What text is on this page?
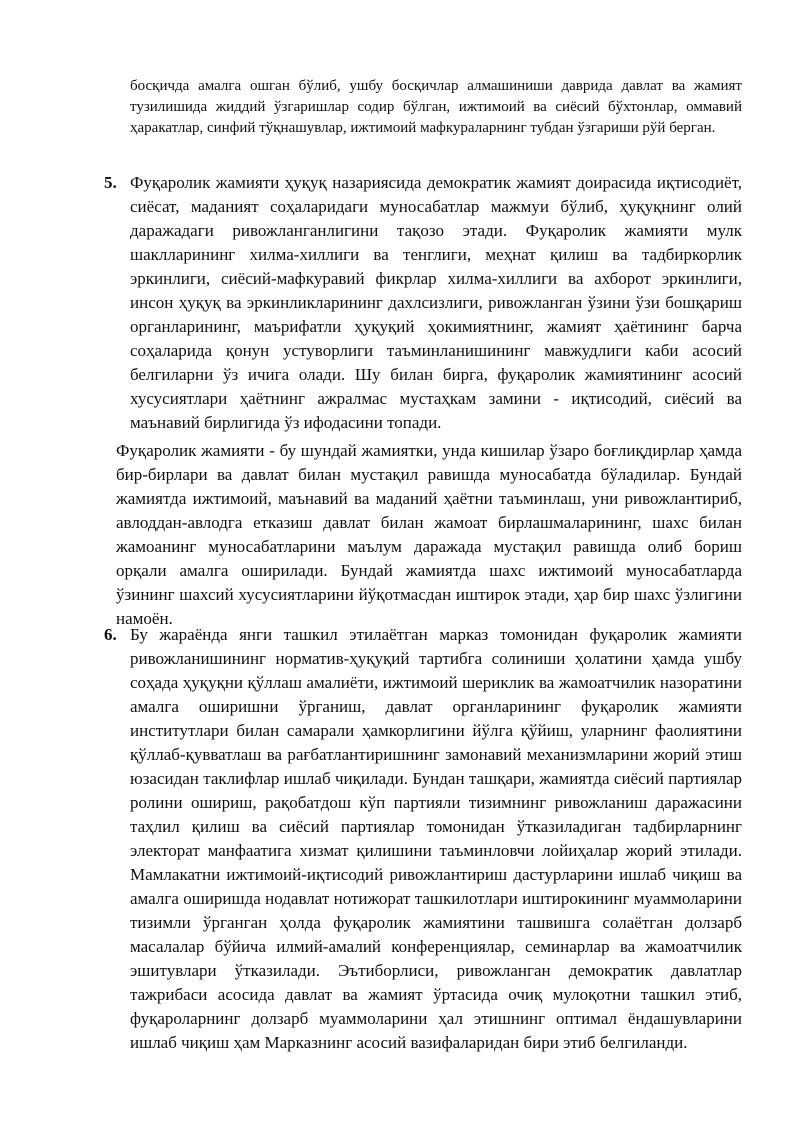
босқичда амалга ошган бўлиб, ушбу босқичлар алмашиниши даврида давлат ва жамият тузилишида жиддий ўзгаришлар содир бўлган, ижтимоий ва сиёсий бўхтонлар, оммавий ҳаракатлар, синфий тўқнашувлар, ижтимоий мафкураларнинг тубдан ўзгариши рўй берган.

5. Фуқаролик жамияти ҳуқуқ назариясида демократик жамият доирасида иқтисодиёт, сиёсат, маданият соҳаларидаги муносабатлар мажмуи бўлиб, ҳуқуқнинг олий даражадаги ривожланганлигини тақозо этади. Фуқаролик жамияти мулк шаклларининг хилма-хиллиги ва тенглиги, меҳнат қилиш ва тадбиркорлик эркинлиги, сиёсий-мафкуравий фикрлар хилма-хиллиги ва ахборот эркинлиги, инсон ҳуқуқ ва эркинликларининг дахлсизлиги, ривожланган ўзини ўзи бошқариш органларининг, маърифатли ҳуқуқий ҳокимиятнинг, жамият ҳаётининг барча соҳаларида қонун устуворлиги таъминланишининг мавжудлиги каби асосий белгиларни ўз ичига олади. Шу билан бирга, фуқаролик жамиятининг асосий хусусиятлари ҳаётнинг ажралмас мустаҳкам замини - иқтисодий, сиёсий ва маънавий бирлигида ўз ифодасини топади.

Фуқаролик жамияти - бу шундай жамиятки, унда кишилар ўзаро боғлиқдирлар ҳамда бир-бирлари ва давлат билан мустақил равишда муносабатда бўладилар. Бундай жамиятда ижтимоий, маънавий ва маданий ҳаётни таъминлаш, уни ривожлантириб, авлоддан-авлодга етказиш давлат билан жамоат бирлашмаларининг, шахс билан жамоанинг муносабатларини маълум даражада мустақил равишда олиб бориш орқали амалга оширилади. Бундай жамиятда шахс ижтимоий муносабатларда ўзининг шахсий хусусиятларини йўқотмасдан иштирок этади, ҳар бир шахс ўзлигини намоён.

6. Бу жараёнда янги ташкил этилаётган марказ томонидан фуқаролик жамияти ривожланишининг норматив-ҳуқуқий тартибга солиниши ҳолатини ҳамда ушбу соҳада ҳуқуқни қўллаш амалиёти, ижтимоий шериклик ва жамоатчилик назоратини амалга оширишни ўрганиш, давлат органларининг фуқаролик жамияти институтлари билан самарали ҳамкорлигини йўлга қўйиш, уларнинг фаолиятини қўллаб-қувватлаш ва рағбатлантиришнинг замонавий механизмларини жорий этиш юзасидан таклифлар ишлаб чиқилади. Бундан ташқари, жамиятда сиёсий партиялар ролини ошириш, рақобатдош кўп партияли тизимнинг ривожланиш даражасини таҳлил қилиш ва сиёсий партиялар томонидан ўтказиладиган тадбирларнинг электорат манфаатига хизмат қилишини таъминловчи лойиҳалар жорий этилади. Мамлакатни ижтимоий-иқтисодий ривожлантириш дастурларини ишлаб чиқиш ва амалга оширишда нодавлат нотижорат ташкилотлари иштирокининг муаммоларини тизимли ўрганган ҳолда фуқаролик жамиятини ташвишга солаётган долзарб масалалар бўйича илмий-амалий конференциялар, семинарлар ва жамоатчилик эшитувлари ўтказилади. Эътиборлиси, ривожланган демократик давлатлар тажрибаси асосида давлат ва жамият ўртасида очиқ мулоқотни ташкил этиб, фуқароларнинг долзарб муаммоларини ҳал этишнинг оптимал ёндашувларини ишлаб чиқиш ҳам Марказнинг асосий вазифаларидан бири этиб белгиланди.
